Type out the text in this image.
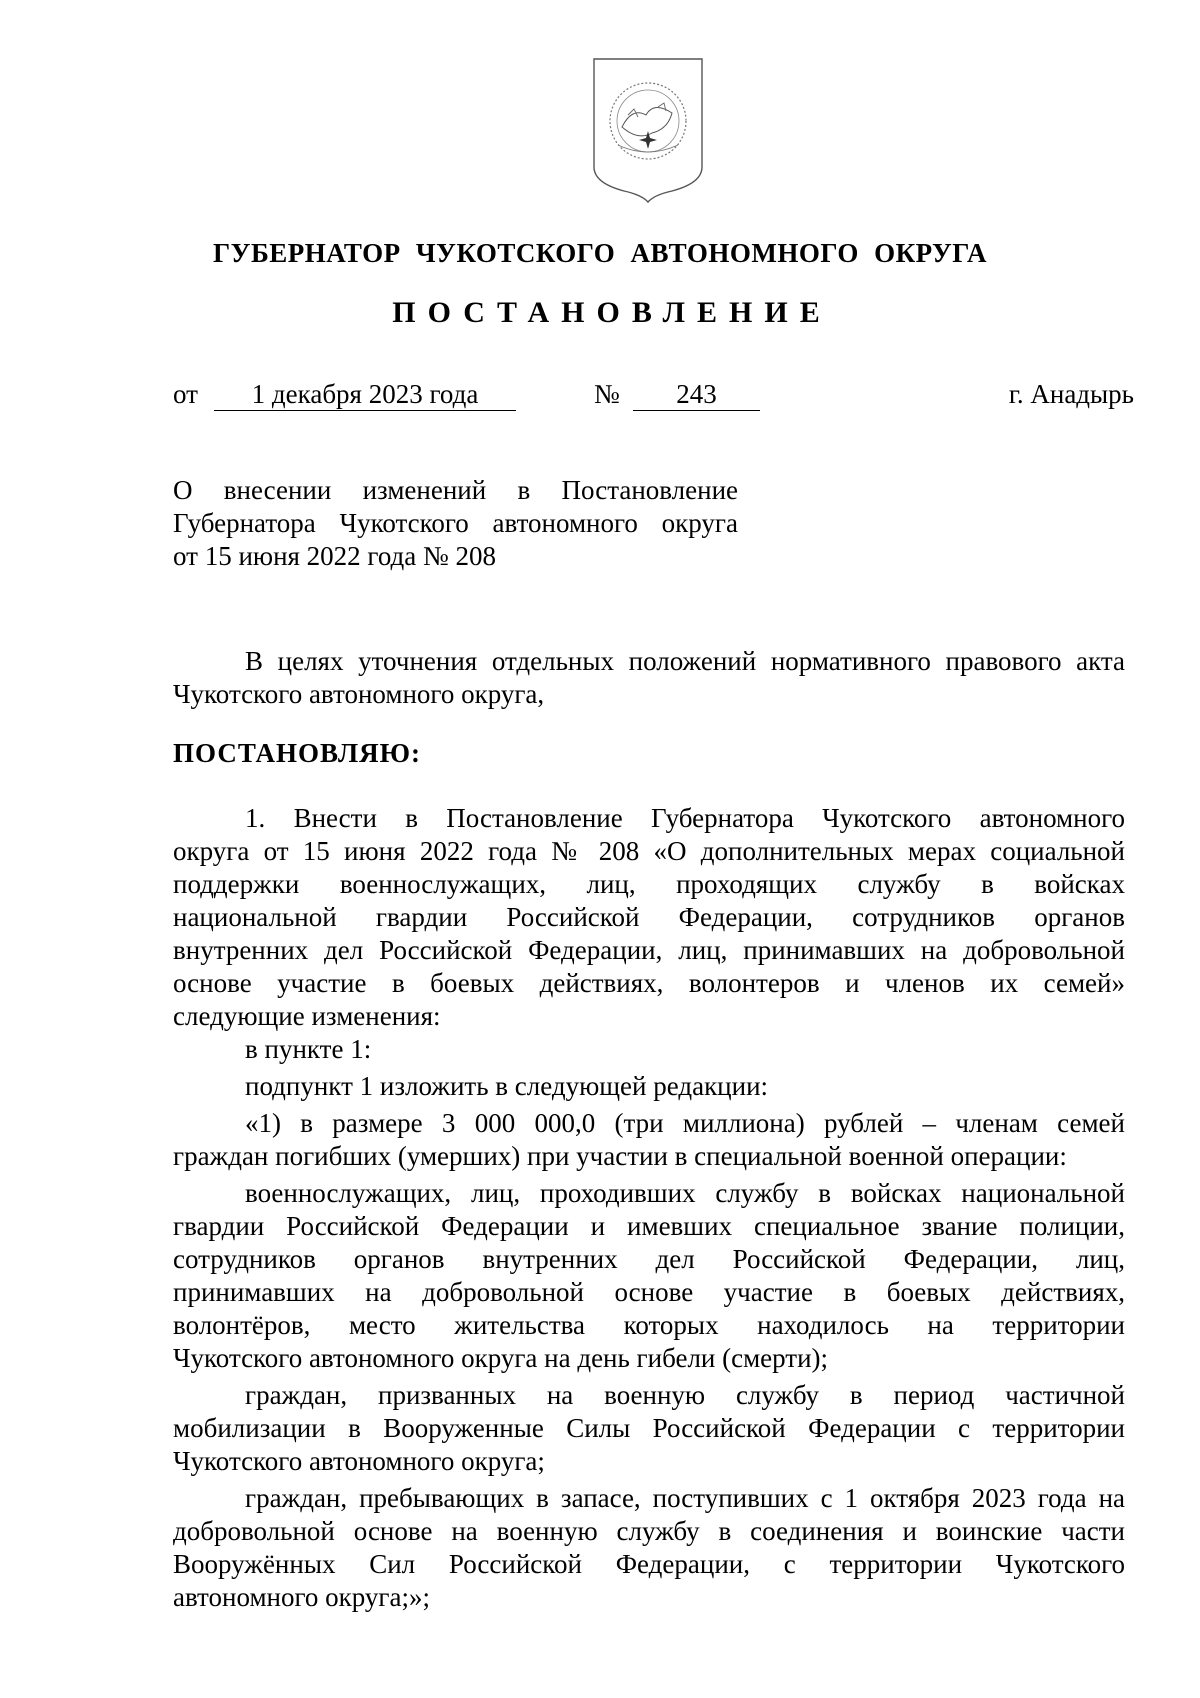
ГУБЕРНАТОР ЧУКОТСКОГО АВТОНОМНОГО ОКРУГА
ПОСТАНОВЛЕНИЕ
от	1 декабря 2023 года	№	243	г. Анадырь
О внесении изменений в Постановление
Губернатора Чукотского автономного округа
от 15 июня 2022 года № 208
В целях уточнения отдельных положений нормативного правового акта
Чукотского автономного округа,
ПОСТАНОВЛЯЮ:
1. Внести в Постановление Губернатора Чукотского автономного
округа от 15 июня 2022 года № 208 «О дополнительных мерах социальной
поддержки военнослужащих, лиц, проходящих службу в войсках
национальной гвардии Российской Федерации, сотрудников органов
внутренних дел Российской Федерации, лиц, принимавших на добровольной
основе участие в боевых действиях, волонтеров и членов их семей»
следующие изменения:
в пункте 1:
подпункт 1 изложить в следующей редакции:
«1) в размере 3 000 000,0 (три миллиона) рублей – членам семей
граждан погибших (умерших) при участии в специальной военной операции:
военнослужащих, лиц, проходивших службу в войсках национальной
гвардии Российской Федерации и имевших специальное звание полиции,
сотрудников органов внутренних дел Российской Федерации, лиц,
принимавших на добровольной основе участие в боевых действиях,
волонтёров, место жительства которых находилось на территории
Чукотского автономного округа на день гибели (смерти);
граждан, призванных на военную службу в период частичной
мобилизации в Вооруженные Силы Российской Федерации с территории
Чукотского автономного округа;
граждан, пребывающих в запасе, поступивших с 1 октября 2023 года на
добровольной основе на военную службу в соединения и воинские части
Вооружённых Сил Российской Федерации, с территории Чукотского
автономного округа;»;
